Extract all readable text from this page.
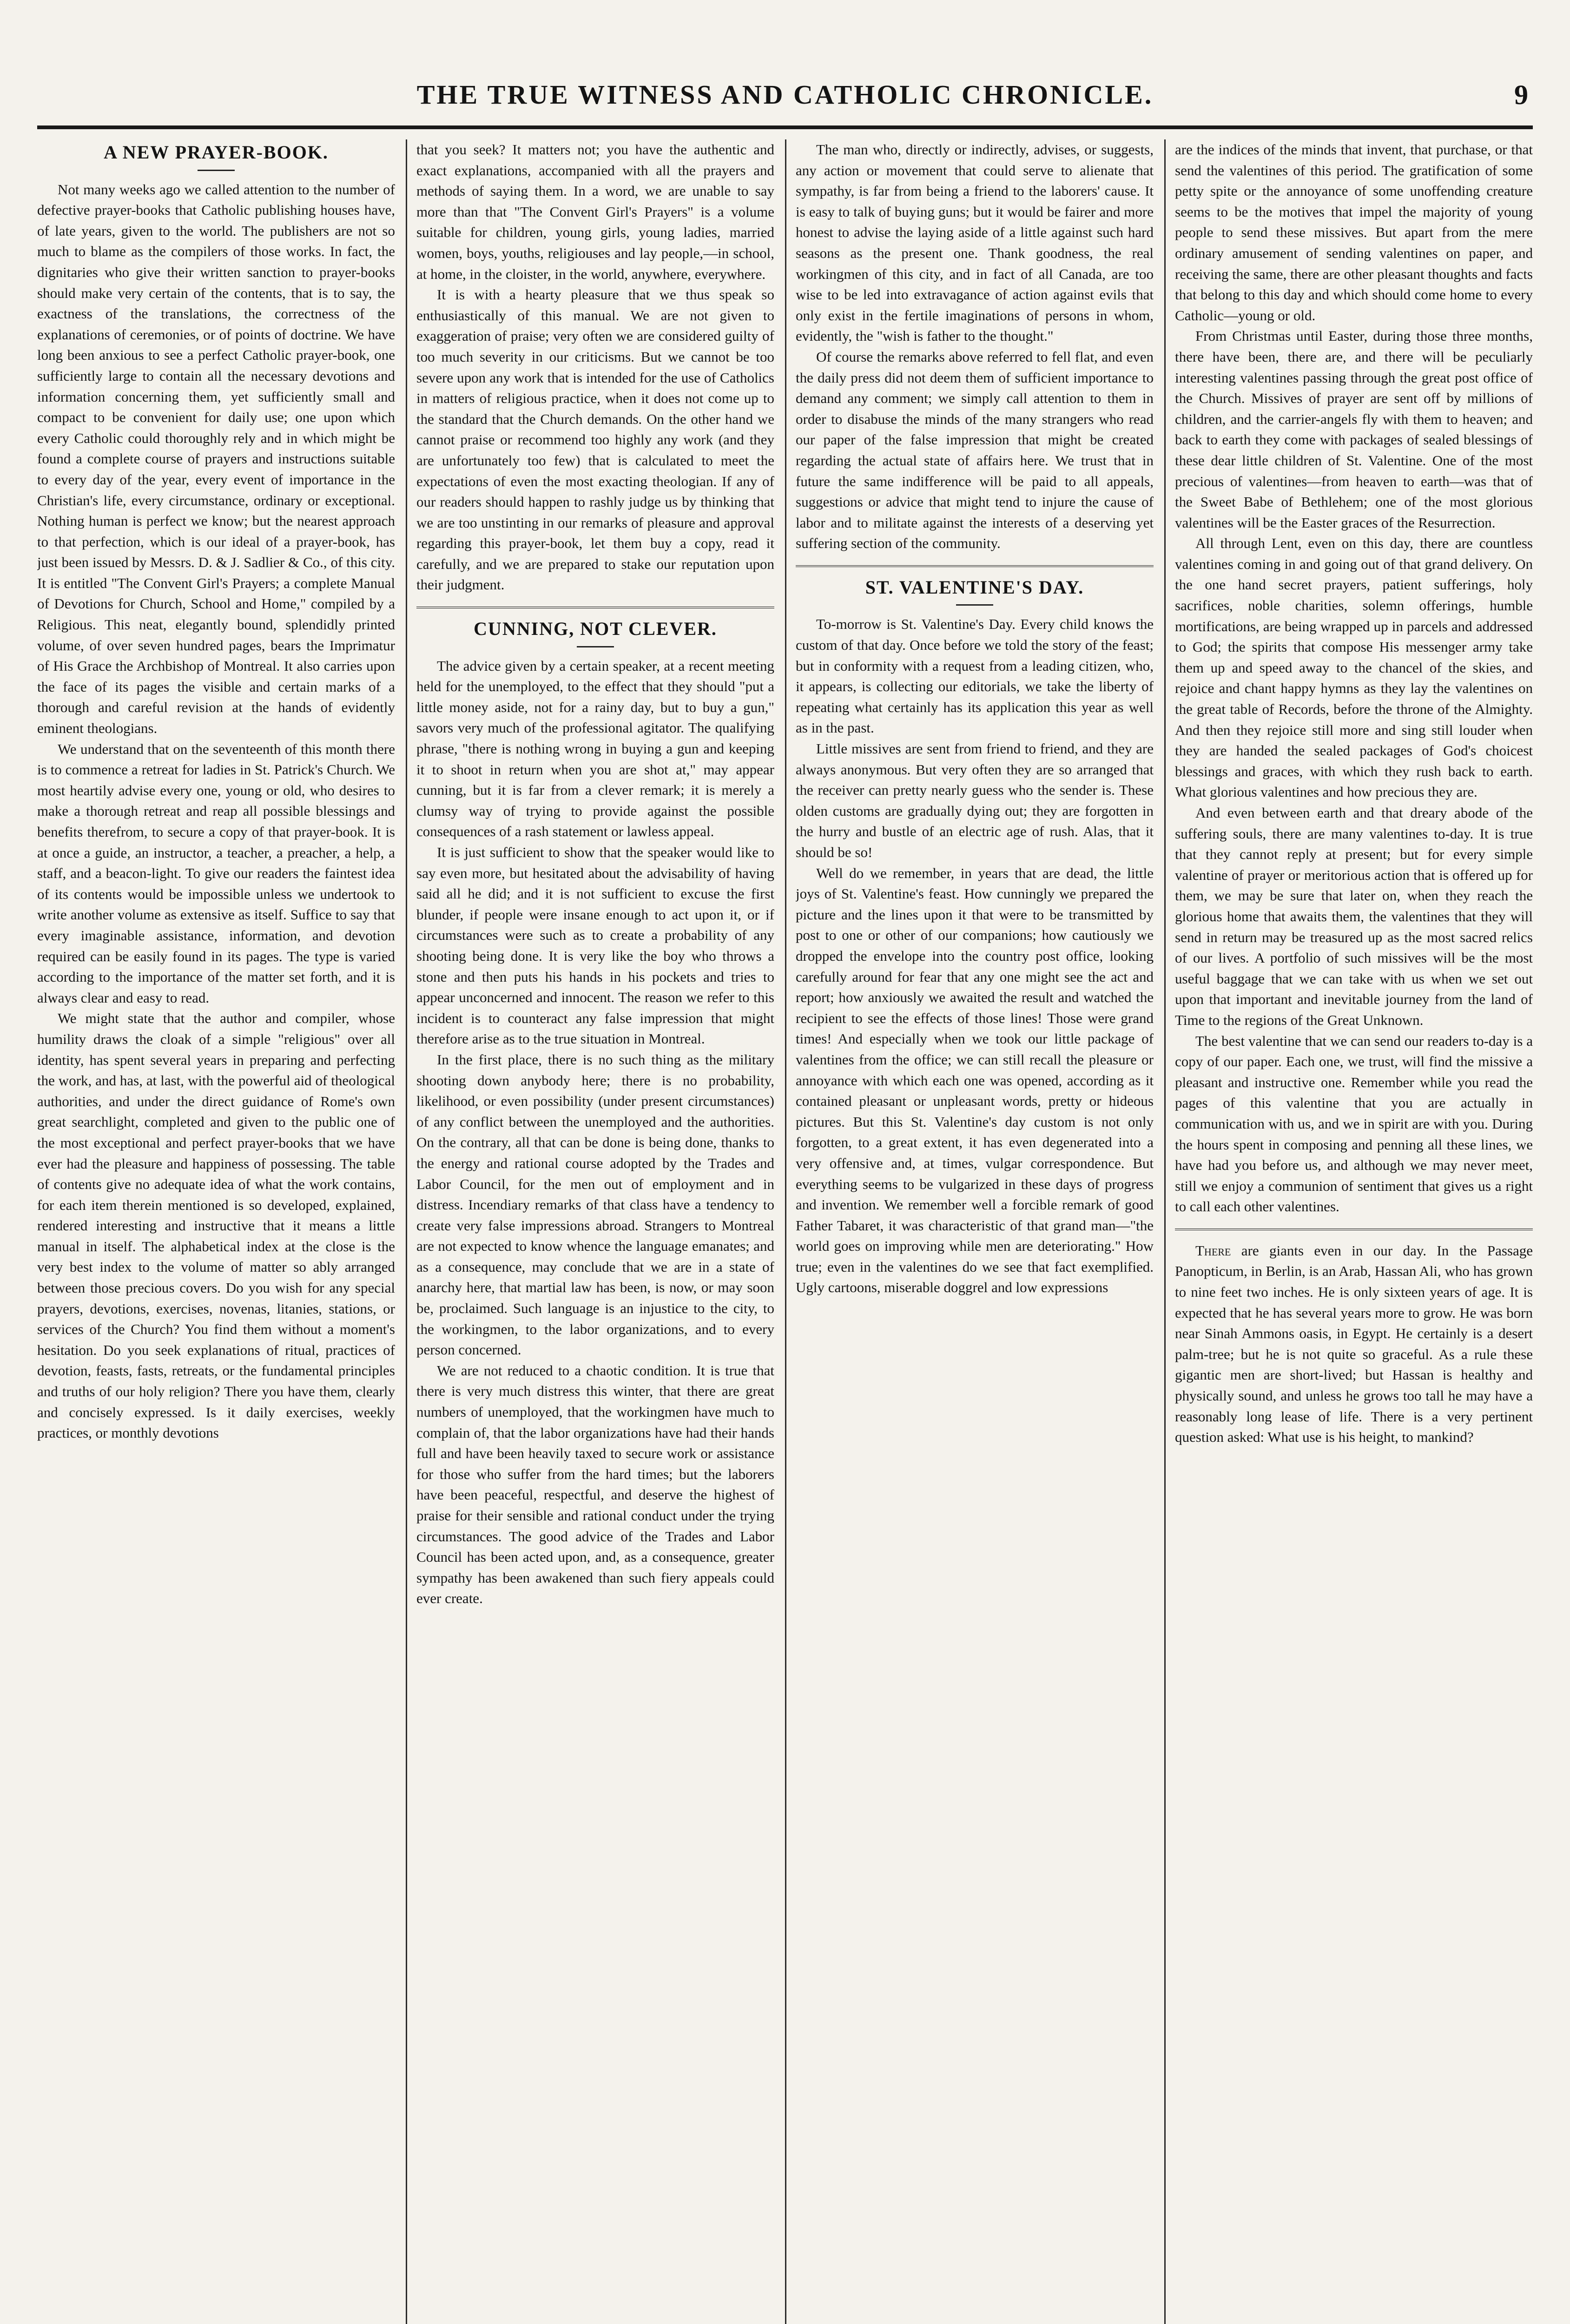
THE TRUE WITNESS AND CATHOLIC CHRONICLE.	9
A NEW PRAYER-BOOK.

Not many weeks ago we called attention to the number of defective prayer-books that Catholic publishing houses have, of late years, given to the world. The publishers are not so much to blame as the compilers of those works. In fact, the dignitaries who give their written sanction to prayer-books should make very certain of the contents, that is to say, the exactness of the translations, the correctness of the explanations of ceremonies, or of points of doctrine. We have long been anxious to see a perfect Catholic prayer-book, one sufficiently large to contain all the necessary devotions and information concerning them, yet sufficiently small and compact to be convenient for daily use; one upon which every Catholic could thoroughly rely and in which might be found a complete course of prayers and instructions suitable to every day of the year, every event of importance in the Christian's life, every circumstance, ordinary or exceptional. Nothing human is perfect we know; but the nearest approach to that perfection, which is our ideal of a prayer-book, has just been issued by Messrs. D. & J. Sadlier & Co., of this city. It is entitled "The Convent Girl's Prayers; a complete Manual of Devotions for Church, School and Home," compiled by a Religious. This neat, elegantly bound, splendidly printed volume, of over seven hundred pages, bears the Imprimatur of His Grace the Archbishop of Montreal. It also carries upon the face of its pages the visible and certain marks of a thorough and careful revision at the hands of evidently eminent theologians.

We understand that on the seventeenth of this month there is to commence a retreat for ladies in St. Patrick's Church. We most heartily advise every one, young or old, who desires to make a thorough retreat and reap all possible blessings and benefits therefrom, to secure a copy of that prayer-book. It is at once a guide, an instructor, a teacher, a preacher, a help, a staff, and a beacon-light. To give our readers the faintest idea of its contents would be impossible unless we undertook to write another volume as extensive as itself. Suffice to say that every imaginable assistance, information, and devotion required can be easily found in its pages. The type is varied according to the importance of the matter set forth, and it is always clear and easy to read.

We might state that the author and compiler, whose humility draws the cloak of a simple "religious" over all identity, has spent several years in preparing and perfecting the work, and has, at last, with the powerful aid of theological authorities, and under the direct guidance of Rome's own great searchlight, completed and given to the public one of the most exceptional and perfect prayer-books that we have ever had the pleasure and happiness of possessing. The table of contents give no adequate idea of what the work contains, for each item therein mentioned is so developed, explained, rendered interesting and instructive that it means a little manual in itself. The alphabetical index at the close is the very best index to the volume of matter so ably arranged between those precious covers. Do you wish for any special prayers, devotions, exercises, novenas, litanies, stations, or services of the Church? You find them without a moment's hesitation. Do you seek explanations of ritual, practices of devotion, feasts, fasts, retreats, or the fundamental principles and truths of our holy religion? There you have them, clearly and concisely expressed. Is it daily exercises, weekly practices, or monthly devotions

that you seek? It matters not; you have the authentic and exact explanations, accompanied with all the prayers and methods of saying them. In a word, we are unable to say more than that "The Convent Girl's Prayers" is a volume suitable for children, young girls, young ladies, married women, boys, youths, religiouses and lay people,—in school, at home, in the cloister, in the world, anywhere, everywhere.

It is with a hearty pleasure that we thus speak so enthusiastically of this manual. We are not given to exaggeration of praise; very often we are considered guilty of too much severity in our criticisms. But we cannot be too severe upon any work that is intended for the use of Catholics in matters of religious practice, when it does not come up to the standard that the Church demands. On the other hand we cannot praise or recommend too highly any work (and they are unfortunately too few) that is calculated to meet the expectations of even the most exacting theologian. If any of our readers should happen to rashly judge us by thinking that we are too unstinting in our remarks of pleasure and approval regarding this prayer-book, let them buy a copy, read it carefully, and we are prepared to stake our reputation upon their judgment.

CUNNING, NOT CLEVER.

The advice given by a certain speaker, at a recent meeting held for the unemployed, to the effect that they should "put a little money aside, not for a rainy day, but to buy a gun," savors very much of the professional agitator. The qualifying phrase, "there is nothing wrong in buying a gun and keeping it to shoot in return when you are shot at," may appear cunning, but it is far from a clever remark; it is merely a clumsy way of trying to provide against the possible consequences of a rash statement or lawless appeal.

It is just sufficient to show that the speaker would like to say even more, but hesitated about the advisability of having said all he did; and it is not sufficient to excuse the first blunder, if people were insane enough to act upon it, or if circumstances were such as to create a probability of any shooting being done. It is very like the boy who throws a stone and then puts his hands in his pockets and tries to appear unconcerned and innocent. The reason we refer to this incident is to counteract any false impression that might therefore arise as to the true situation in Montreal.

In the first place, there is no such thing as the military shooting down anybody here; there is no probability, likelihood, or even possibility (under present circumstances) of any conflict between the unemployed and the authorities. On the contrary, all that can be done is being done, thanks to the energy and rational course adopted by the Trades and Labor Council, for the men out of employment and in distress. Incendiary remarks of that class have a tendency to create very false impressions abroad. Strangers to Montreal are not expected to know whence the language emanates; and as a consequence, may conclude that we are in a state of anarchy here, that martial law has been, is now, or may soon be, proclaimed. Such language is an injustice to the city, to the workingmen, to the labor organizations, and to every person concerned.

We are not reduced to a chaotic condition. It is true that there is very much distress this winter, that there are great numbers of unemployed, that the workingmen have much to complain of, that the labor organizations have had their hands full and have been heavily taxed to secure work or assistance for those who suffer from the hard times; but the laborers have been peaceful, respectful, and deserve the highest of praise for their sensible and rational conduct under the trying circumstances. The good advice of the Trades and Labor Council has been acted upon, and, as a consequence, greater sympathy has been awakened than such fiery appeals could ever create.

The man who, directly or indirectly, advises, or suggests, any action or movement that could serve to alienate that sympathy, is far from being a friend to the laborers' cause. It is easy to talk of buying guns; but it would be fairer and more honest to advise the laying aside of a little against such hard seasons as the present one. Thank goodness, the real workingmen of this city, and in fact of all Canada, are too wise to be led into extravagance of action against evils that only exist in the fertile imaginations of persons in whom, evidently, the "wish is father to the thought."

Of course the remarks above referred to fell flat, and even the daily press did not deem them of sufficient importance to demand any comment; we simply call attention to them in order to disabuse the minds of the many strangers who read our paper of the false impression that might be created regarding the actual state of affairs here. We trust that in future the same indifference will be paid to all appeals, suggestions or advice that might tend to injure the cause of labor and to militate against the interests of a deserving yet suffering section of the community.

ST. VALENTINE'S DAY.

To-morrow is St. Valentine's Day. Every child knows the custom of that day. Once before we told the story of the feast; but in conformity with a request from a leading citizen, who, it appears, is collecting our editorials, we take the liberty of repeating what certainly has its application this year as well as in the past.

Little missives are sent from friend to friend, and they are always anonymous. But very often they are so arranged that the receiver can pretty nearly guess who the sender is. These olden customs are gradually dying out; they are forgotten in the hurry and bustle of an electric age of rush. Alas, that it should be so!

Well do we remember, in years that are dead, the little joys of St. Valentine's feast. How cunningly we prepared the picture and the lines upon it that were to be transmitted by post to one or other of our companions; how cautiously we dropped the envelope into the country post office, looking carefully around for fear that any one might see the act and report; how anxiously we awaited the result and watched the recipient to see the effects of those lines! Those were grand times! And especially when we took our little package of valentines from the office; we can still recall the pleasure or annoyance with which each one was opened, according as it contained pleasant or unpleasant words, pretty or hideous pictures. But this St. Valentine's day custom is not only forgotten, to a great extent, it has even degenerated into a very offensive and, at times, vulgar correspondence. But everything seems to be vulgarized in these days of progress and invention. We remember well a forcible remark of good Father Tabaret, it was characteristic of that grand man—"the world goes on improving while men are deteriorating." How true; even in the valentines do we see that fact exemplified. Ugly cartoons, miserable doggrel and low expressions

are the indices of the minds that invent, that purchase, or that send the valentines of this period. The gratification of some petty spite or the annoyance of some unoffending creature seems to be the motives that impel the majority of young people to send these missives. But apart from the mere ordinary amusement of sending valentines on paper, and receiving the same, there are other pleasant thoughts and facts that belong to this day and which should come home to every Catholic—young or old.

From Christmas until Easter, during those three months, there have been, there are, and there will be peculiarly interesting valentines passing through the great post office of the Church. Missives of prayer are sent off by millions of children, and the carrier-angels fly with them to heaven; and back to earth they come with packages of sealed blessings of these dear little children of St. Valentine. One of the most precious of valentines—from heaven to earth—was that of the Sweet Babe of Bethlehem; one of the most glorious valentines will be the Easter graces of the Resurrection.

All through Lent, even on this day, there are countless valentines coming in and going out of that grand delivery. On the one hand secret prayers, patient sufferings, holy sacrifices, noble charities, solemn offerings, humble mortifications, are being wrapped up in parcels and addressed to God; the spirits that compose His messenger army take them up and speed away to the chancel of the skies, and rejoice and chant happy hymns as they lay the valentines on the great table of Records, before the throne of the Almighty. And then they rejoice still more and sing still louder when they are handed the sealed packages of God's choicest blessings and graces, with which they rush back to earth. What glorious valentines and how precious they are.

And even between earth and that dreary abode of the suffering souls, there are many valentines to-day. It is true that they cannot reply at present; but for every simple valentine of prayer or meritorious action that is offered up for them, we may be sure that later on, when they reach the glorious home that awaits them, the valentines that they will send in return may be treasured up as the most sacred relics of our lives. A portfolio of such missives will be the most useful baggage that we can take with us when we set out upon that important and inevitable journey from the land of Time to the regions of the Great Unknown.

The best valentine that we can send our readers to-day is a copy of our paper. Each one, we trust, will find the missive a pleasant and instructive one. Remember while you read the pages of this valentine that you are actually in communication with us, and we in spirit are with you. During the hours spent in composing and penning all these lines, we have had you before us, and although we may never meet, still we enjoy a communion of sentiment that gives us a right to call each other valentines.

There are giants even in our day. In the Passage Panopticum, in Berlin, is an Arab, Hassan Ali, who has grown to nine feet two inches. He is only sixteen years of age. It is expected that he has several years more to grow. He was born near Sinah Ammons oasis, in Egypt. He certainly is a desert palm-tree; but he is not quite so graceful. As a rule these gigantic men are short-lived; but Hassan is healthy and physically sound, and unless he grows too tall he may have a reasonably long lease of life. There is a very pertinent question asked: What use is his height, to mankind?
